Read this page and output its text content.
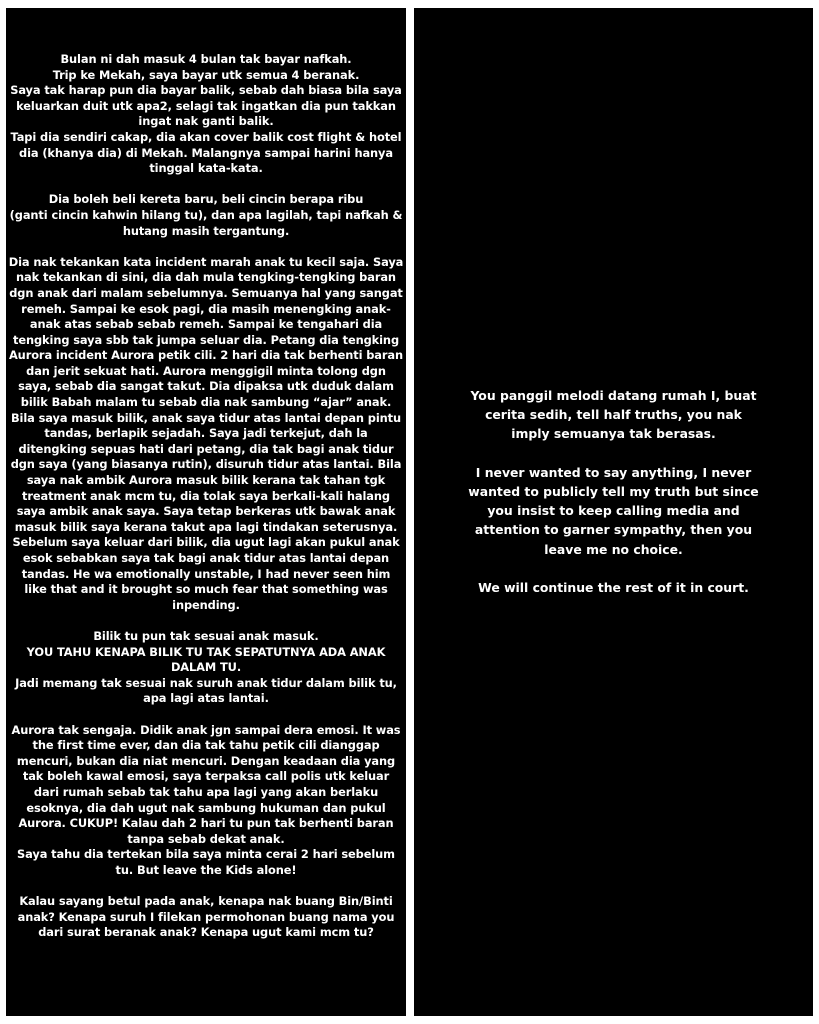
Bulan ni dah masuk 4 bulan tak bayar nafkah.
Trip ke Mekah, saya bayar utk semua 4 beranak.
Saya tak harap pun dia bayar balik, sebab dah biasa bila saya
keluarkan duit utk apa2, selagi tak ingatkan dia pun takkan
ingat nak ganti balik.
Tapi dia sendiri cakap, dia akan cover balik cost flight & hotel
dia (khanya dia) di Mekah. Malangnya sampai harini hanya
tinggal kata-kata.

Dia boleh beli kereta baru, beli cincin berapa ribu
(ganti cincin kahwin hilang tu), dan apa lagilah, tapi nafkah &
hutang masih tergantung.

Dia nak tekankan kata incident marah anak tu kecil saja. Saya
nak tekankan di sini, dia dah mula tengking-tengking baran
dgn anak dari malam sebelumnya. Semuanya hal yang sangat
remeh. Sampai ke esok pagi, dia masih menengking anak-
anak atas sebab sebab remeh. Sampai ke tengahari dia
tengking saya sbb tak jumpa seluar dia. Petang dia tengking
Aurora incident Aurora petik cili. 2 hari dia tak berhenti baran
dan jerit sekuat hati. Aurora menggigil minta tolong dgn
saya, sebab dia sangat takut. Dia dipaksa utk duduk dalam
bilik Babah malam tu sebab dia nak sambung “ajar” anak.
Bila saya masuk bilik, anak saya tidur atas lantai depan pintu
tandas, berlapik sejadah. Saya jadi terkejut, dah la
ditengking sepuas hati dari petang, dia tak bagi anak tidur
dgn saya (yang biasanya rutin), disuruh tidur atas lantai. Bila
saya nak ambik Aurora masuk bilik kerana tak tahan tgk
treatment anak mcm tu, dia tolak saya berkali-kali halang
saya ambik anak saya. Saya tetap berkeras utk bawak anak
masuk bilik saya kerana takut apa lagi tindakan seterusnya.
Sebelum saya keluar dari bilik, dia ugut lagi akan pukul anak
esok sebabkan saya tak bagi anak tidur atas lantai depan
tandas. He wa emotionally unstable, I had never seen him
like that and it brought so much fear that something was
inpending.

Bilik tu pun tak sesuai anak masuk.
YOU TAHU KENAPA BILIK TU TAK SEPATUTNYA ADA ANAK
DALAM TU.
Jadi memang tak sesuai nak suruh anak tidur dalam bilik tu,
apa lagi atas lantai.

Aurora tak sengaja. Didik anak jgn sampai dera emosi. It was
the first time ever, dan dia tak tahu petik cili dianggap
mencuri, bukan dia niat mencuri. Dengan keadaan dia yang
tak boleh kawal emosi, saya terpaksa call polis utk keluar
dari rumah sebab tak tahu apa lagi yang akan berlaku
esoknya, dia dah ugut nak sambung hukuman dan pukul
Aurora. CUKUP! Kalau dah 2 hari tu pun tak berhenti baran
tanpa sebab dekat anak.
Saya tahu dia tertekan bila saya minta cerai 2 hari sebelum
tu. But leave the Kids alone!

Kalau sayang betul pada anak, kenapa nak buang Bin/Binti
anak? Kenapa suruh I filekan permohonan buang nama you
dari surat beranak anak? Kenapa ugut kami mcm tu?

You panggil melodi datang rumah I, buat
cerita sedih, tell half truths, you nak
imply semuanya tak berasas.

I never wanted to say anything, I never
wanted to publicly tell my truth but since
you insist to keep calling media and
attention to garner sympathy, then you
leave me no choice.

We will continue the rest of it in court.
